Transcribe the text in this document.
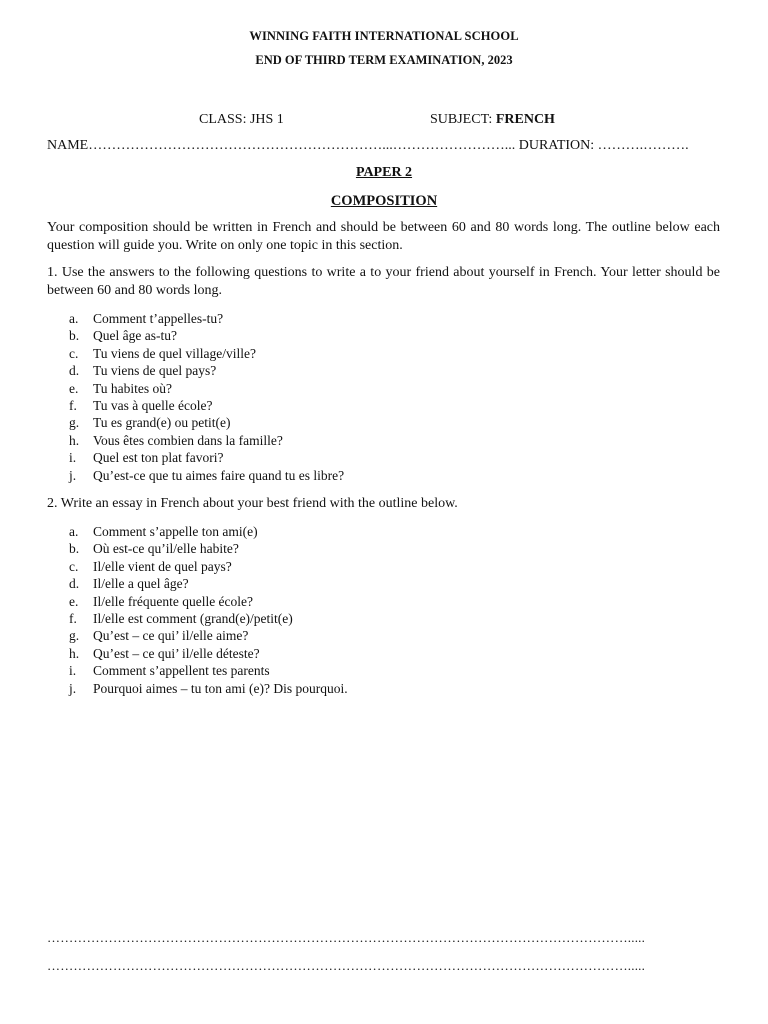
WINNING FAITH INTERNATIONAL SCHOOL
END OF THIRD TERM EXAMINATION, 2023
CLASS: JHS 1	SUBJECT: FRENCH
NAME………………………………………………………...……………………... DURATION: ……….……….
PAPER 2
COMPOSITION
Your composition should be written in French and should be between 60 and 80 words long. The outline below each question will guide you. Write on only one topic in this section.
1. Use the answers to the following questions to write a to your friend about yourself in French. Your letter should be between 60 and 80 words long.
a. Comment t’appelles-tu?
b. Quel âge as-tu?
c. Tu viens de quel village/ville?
d. Tu viens de quel pays?
e. Tu habites où?
f. Tu vas à quelle école?
g. Tu es grand(e) ou petit(e)
h. Vous êtes combien dans la famille?
i. Quel est ton plat favori?
j. Qu’est-ce que tu aimes faire quand tu es libre?
2. Write an essay in French about your best friend with the outline below.
a. Comment s’appelle ton ami(e)
b. Où est-ce qu’il/elle habite?
c. Il/elle vient de quel pays?
d. Il/elle a quel âge?
e. Il/elle fréquente quelle école?
f. Il/elle est comment (grand(e)/petit(e)
g. Qu’est – ce qui’ il/elle aime?
h. Qu’est – ce qui’ il/elle déteste?
i. Comment s’appellent tes parents
j. Pourquoi aimes – tu ton ami (e)? Dis pourquoi.
…………………………………………………………………………………………………………………….....
…………………………………………………………………………………………………………………….....
